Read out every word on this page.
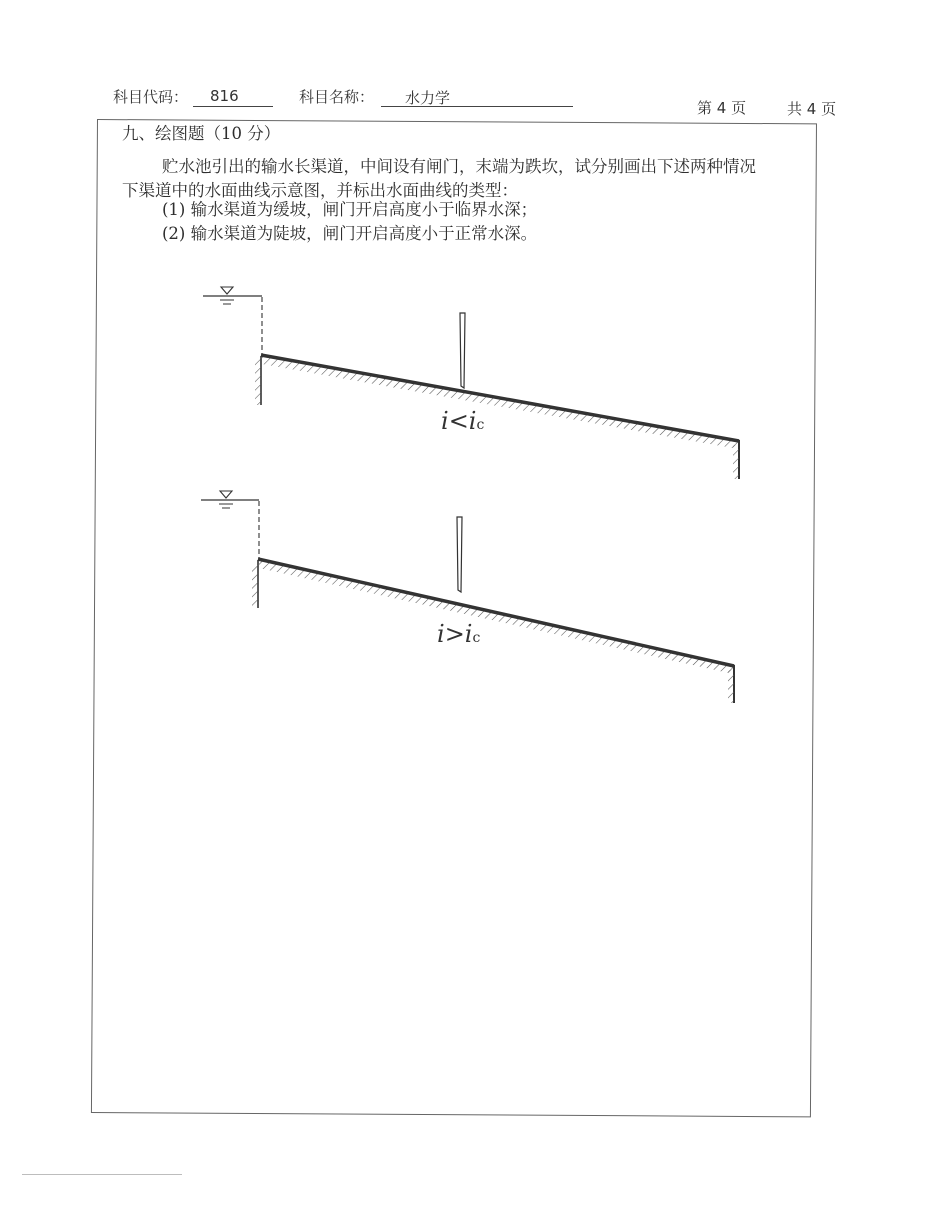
科目代码： 816	科目名称： 水力学
第 4 页	共 4 页
九、绘图题（10 分）
贮水池引出的输水长渠道，中间设有闸门，末端为跌坎，试分别画出下述两种情况
下渠道中的水面曲线示意图，并标出水面曲线的类型：
(1) 输水渠道为缓坡，闸门开启高度小于临界水深；
(2) 输水渠道为陡坡，闸门开启高度小于正常水深。
i<ic
i>ic
